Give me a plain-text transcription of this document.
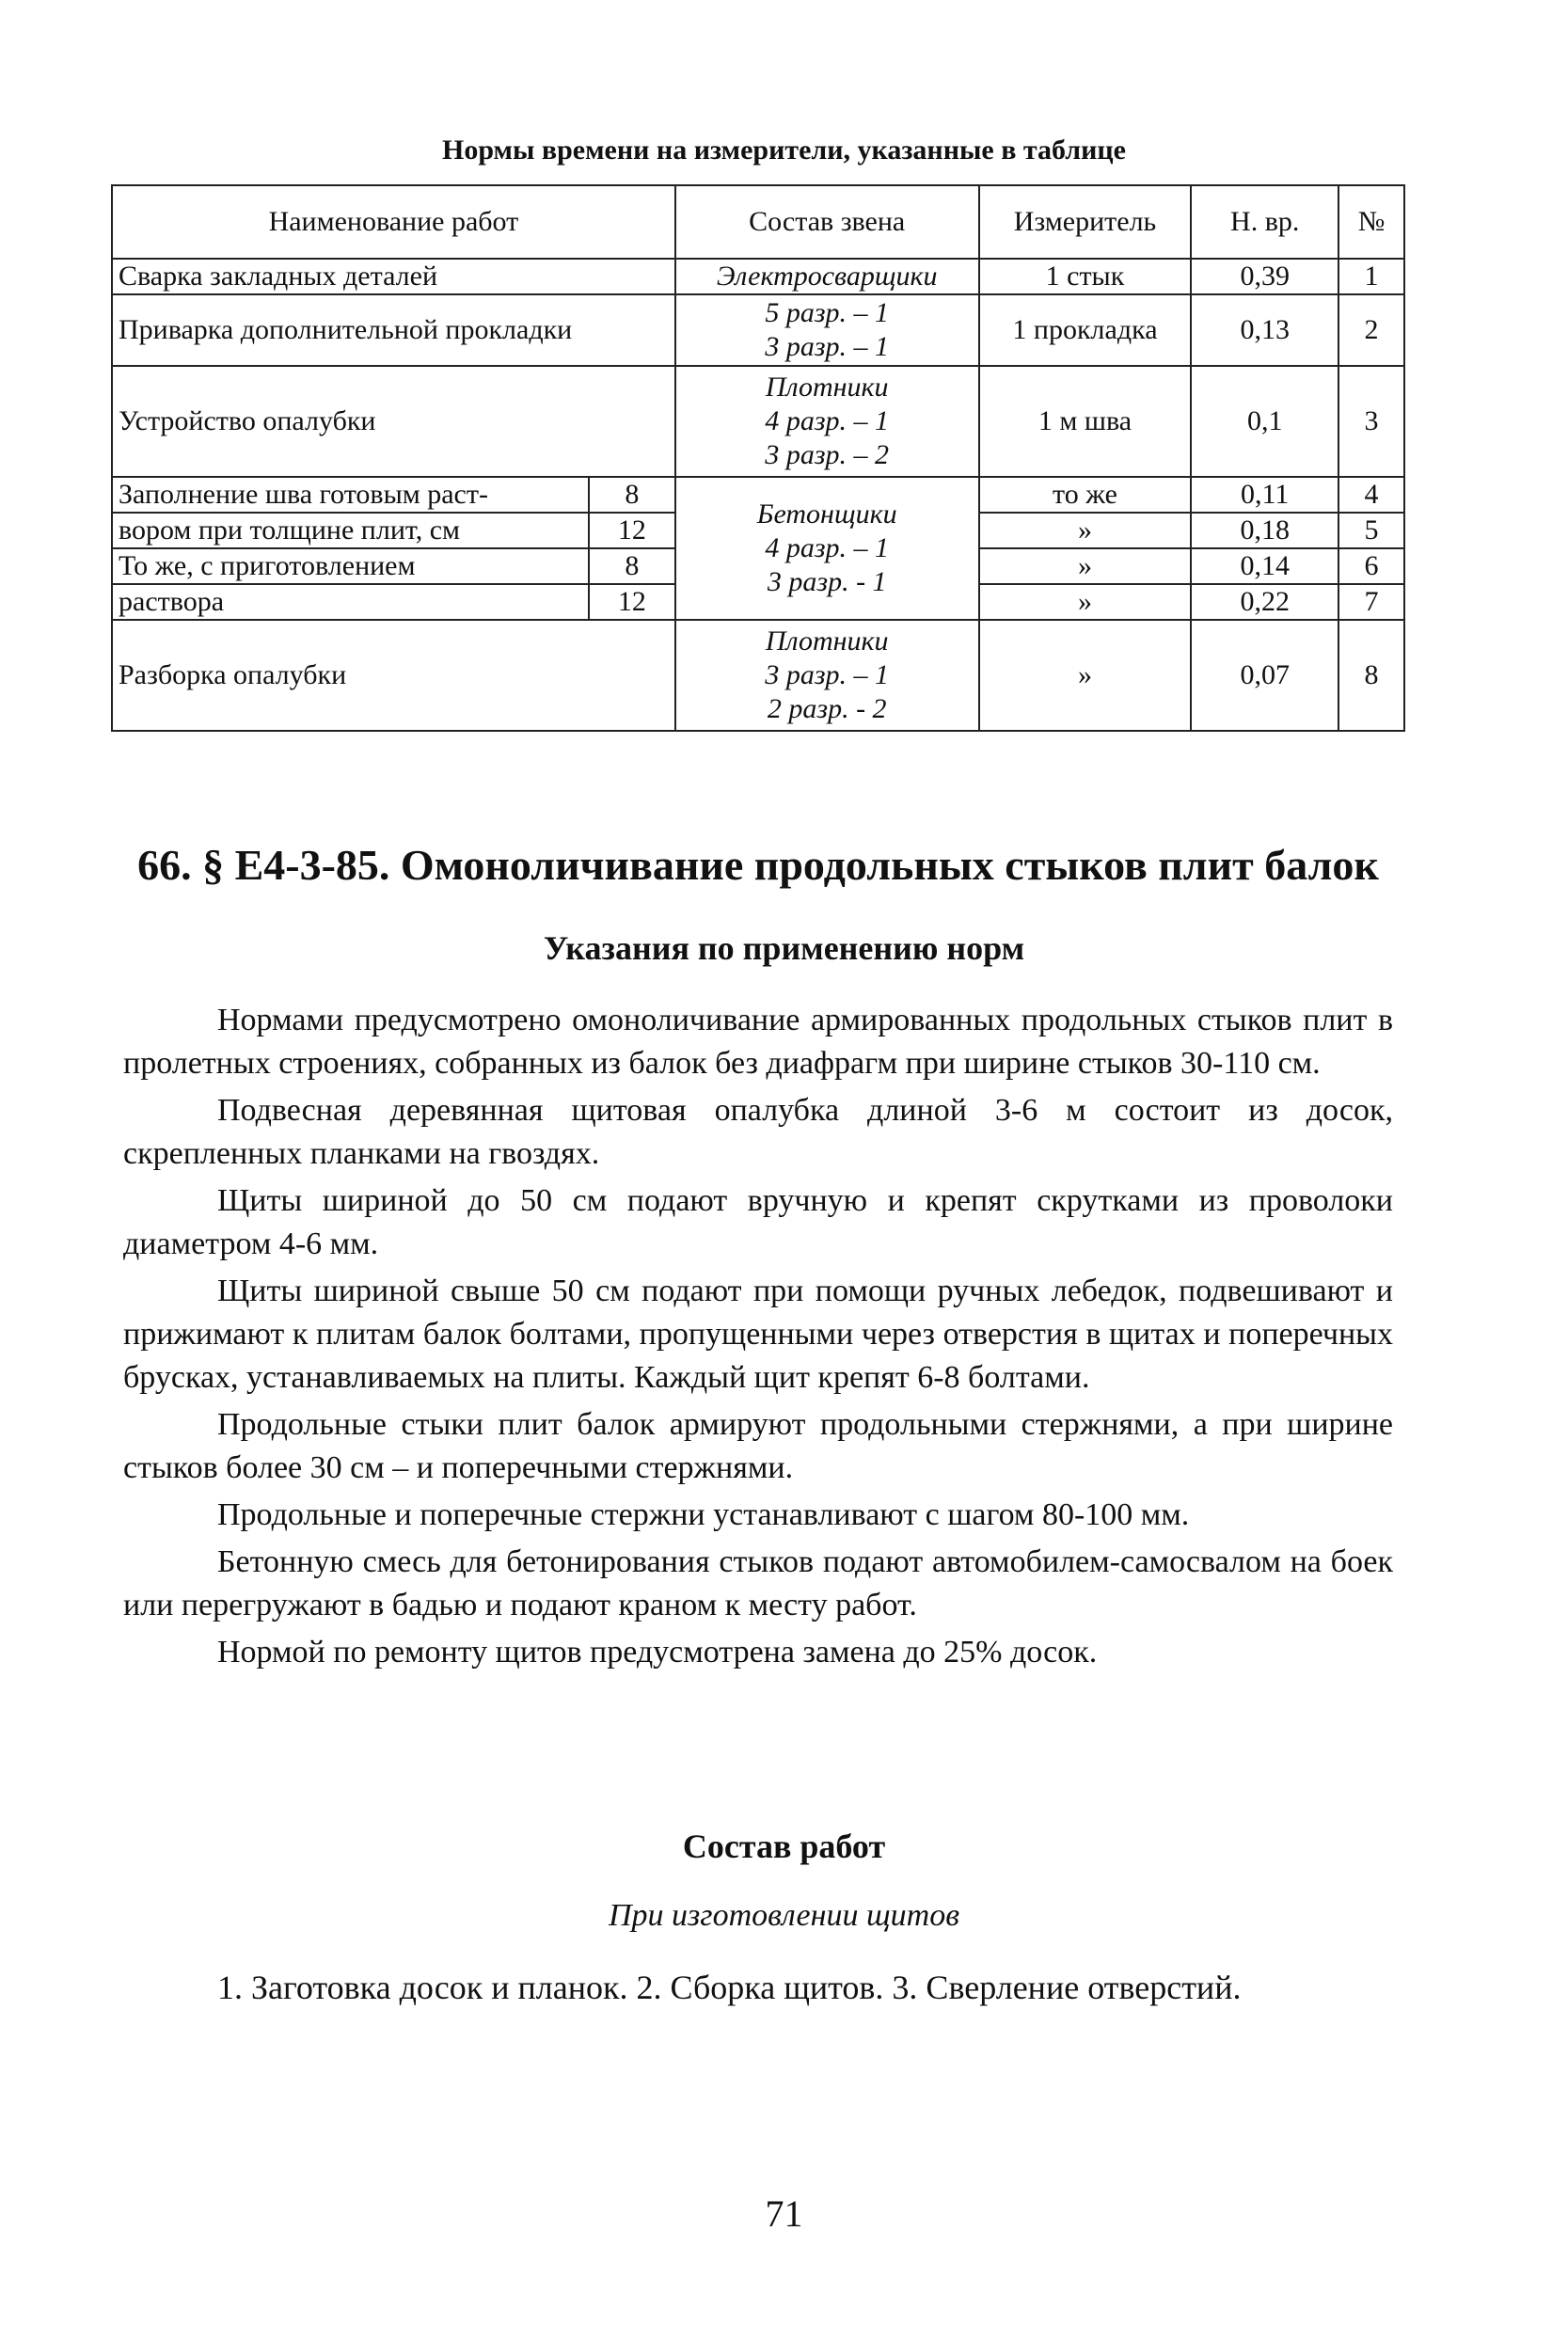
Нормы времени на измерители, указанные в таблице
Наименование работ		Состав звена	Измеритель	Н. вр.	№
Сварка закладных деталей		Электросварщики	1 стык	0,39	1
Приварка дополнительной прокладки		5 разр. – 1
3 разр. – 1	1 прокладка	0,13	2
Устройство опалубки		Плотники
4 разр. – 1
3 разр. – 2	1 м шва	0,1	3
Заполнение шва готовым раст-	8	Бетонщики
4 разр. – 1
3 разр. - 1	то же	0,11	4
вором при толщине плит, см	12		»	0,18	5
То же, с приготовлением	8		»	0,14	6
раствора	12		»	0,22	7
Разборка опалубки		Плотники
3 разр. – 1
2 разр. - 2	»	0,07	8
66. § Е4-3-85. Омоноличивание продольных стыков плит балок
Указания по применению норм

Нормами предусмотрено омоноличивание армированных продольных стыков плит в пролетных строениях, собранных из балок без диафрагм при ширине стыков 30-110 см.

Подвесная деревянная щитовая опалубка длиной 3-6 м состоит из досок, скрепленных планками на гвоздях.

Щиты шириной до 50 см подают вручную и крепят скрутками из проволоки диаметром 4-6 мм.

Щиты шириной свыше 50 см подают при помощи ручных лебедок, подвешивают и прижимают к плитам балок болтами, пропущенными через отверстия в щитах и поперечных брусках, устанавливаемых на плиты. Каждый щит крепят 6-8 болтами.

Продольные стыки плит балок армируют продольными стержнями, а при ширине стыков более 30 см – и поперечными стержнями.

Продольные и поперечные стержни устанавливают с шагом 80-100 мм.

Бетонную смесь для бетонирования стыков подают автомобилем-самосвалом на боек или перегружают в бадью и подают краном к месту работ.

Нормой по ремонту щитов предусмотрена замена до 25% досок.

Состав работ
При изготовлении щитов
1. Заготовка досок и планок. 2. Сборка щитов. 3. Сверление отверстий.
71
